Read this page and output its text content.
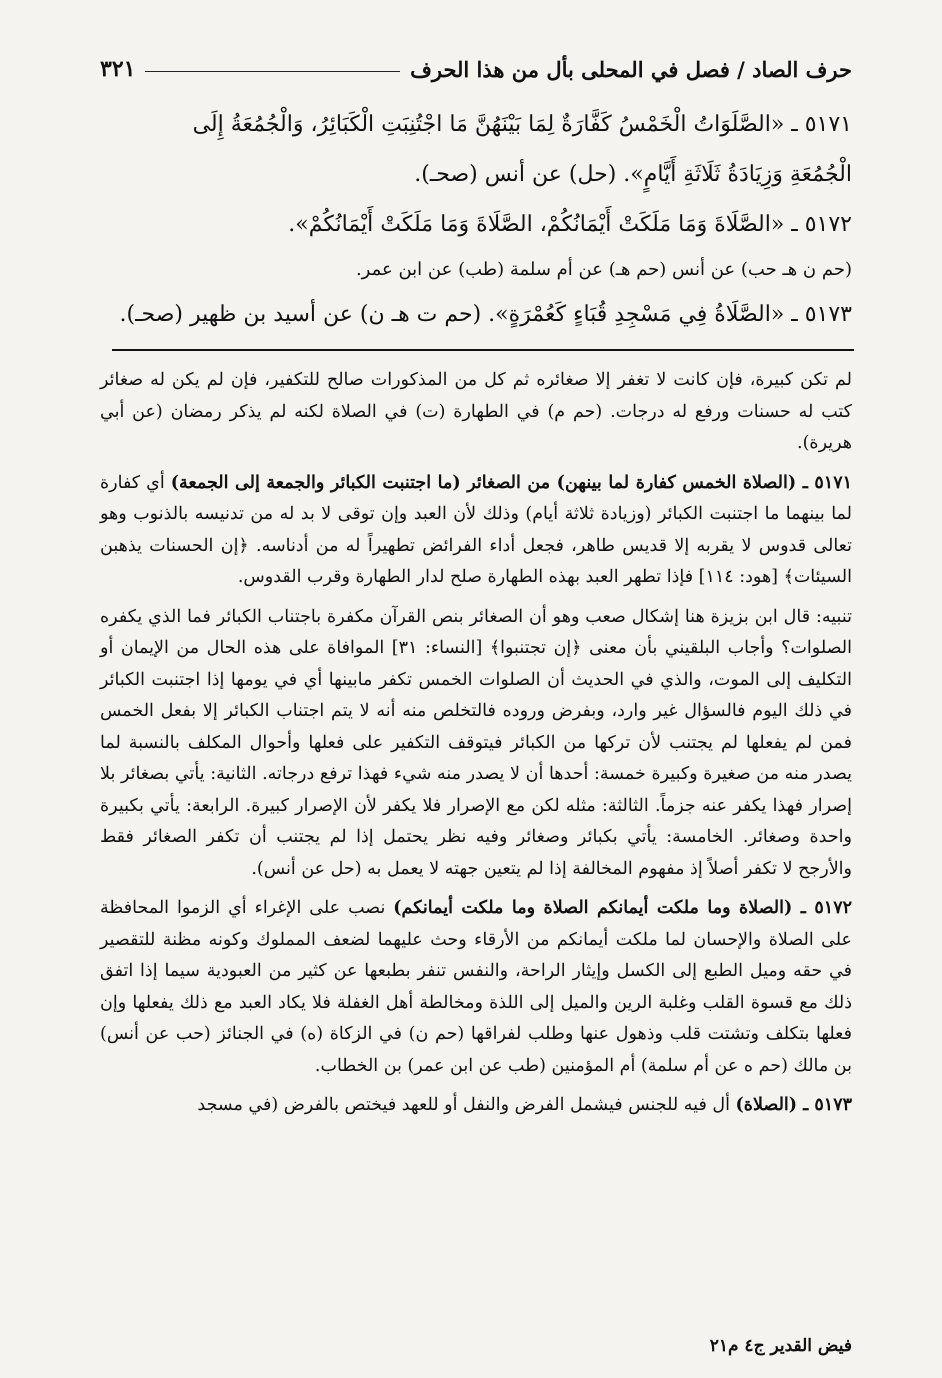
حرف الصاد / فصل في المحلى بأل من هذا الحرف
٣٢١

٥١٧١ ـ «الصَّلَوَاتُ الْخَمْسُ كَفَّارَةٌ لِمَا بَيْنَهُنَّ مَا اجْتُنِبَتِ الْكَبَائِرُ، وَالْجُمُعَةُ إِلَى

الْجُمُعَةِ وَزِيَادَةُ ثَلَاثَةِ أَيَّامٍ». (حل) عن أنس (صحـ).

٥١٧٢ ـ «الصَّلَاةَ وَمَا مَلَكَتْ أَيْمَانُكُمْ، الصَّلَاةَ وَمَا مَلَكَتْ أَيْمَانُكُمْ».

(حم ن هـ حب) عن أنس (حم هـ) عن أم سلمة (طب) عن ابن عمر.

٥١٧٣ ـ «الصَّلَاةُ فِي مَسْجِدِ قُبَاءٍ كَعُمْرَةٍ». (حم ت هـ ن) عن أسيد بن ظهير (صحـ).

لم تكن كبيرة، فإن كانت لا تغفر إلا صغائره ثم كل من المذكورات صالح للتكفير، فإن لم يكن له صغائر كتب له حسنات ورفع له درجات. (حم م) في الطهارة (ت) في الصلاة لكنه لم يذكر رمضان (عن أبي هريرة).

٥١٧١ ـ (الصلاة الخمس كفارة لما بينهن) من الصغائر (ما اجتنبت الكبائر والجمعة إلى الجمعة) أي كفارة لما بينهما ما اجتنبت الكبائر (وزيادة ثلاثة أيام) وذلك لأن العبد وإن توقى لا بد له من تدنيسه بالذنوب وهو تعالى قدوس لا يقربه إلا قديس طاهر، فجعل أداء الفرائض تطهيراً له من أدناسه. ﴿إن الحسنات يذهبن السيئات﴾ [هود: ١١٤] فإذا تطهر العبد بهذه الطهارة صلح لدار الطهارة وقرب القدوس.

تنبيه: قال ابن بزيزة هنا إشكال صعب وهو أن الصغائر بنص القرآن مكفرة باجتناب الكبائر فما الذي يكفره الصلوات؟ وأجاب البلقيني بأن معنى ﴿إن تجتنبوا﴾ [النساء: ٣١] الموافاة على هذه الحال من الإيمان أو التكليف إلى الموت، والذي في الحديث أن الصلوات الخمس تكفر مابينها أي في يومها إذا اجتنبت الكبائر في ذلك اليوم فالسؤال غير وارد، وبفرض وروده فالتخلص منه أنه لا يتم اجتناب الكبائر إلا بفعل الخمس فمن لم يفعلها لم يجتنب لأن تركها من الكبائر فيتوقف التكفير على فعلها وأحوال المكلف بالنسبة لما يصدر منه من صغيرة وكبيرة خمسة: أحدها أن لا يصدر منه شيء فهذا ترفع درجاته. الثانية: يأتي بصغائر بلا إصرار فهذا يكفر عنه جزماً. الثالثة: مثله لكن مع الإصرار فلا يكفر لأن الإصرار كبيرة. الرابعة: يأتي بكبيرة واحدة وصغائر. الخامسة: يأتي بكبائر وصغائر وفيه نظر يحتمل إذا لم يجتنب أن تكفر الصغائر فقط والأرجح لا تكفر أصلاً إذ مفهوم المخالفة إذا لم يتعين جهته لا يعمل به (حل عن أنس).

٥١٧٢ ـ (الصلاة وما ملكت أيمانكم الصلاة وما ملكت أيمانكم) نصب على الإغراء أي الزموا المحافظة على الصلاة والإحسان لما ملكت أيمانكم من الأرقاء وحث عليهما لضعف المملوك وكونه مظنة للتقصير في حقه وميل الطبع إلى الكسل وإيثار الراحة، والنفس تنفر بطبعها عن كثير من العبودية سيما إذا اتفق ذلك مع قسوة القلب وغلبة الرين والميل إلى اللذة ومخالطة أهل الغفلة فلا يكاد العبد مع ذلك يفعلها وإن فعلها بتكلف وتشتت قلب وذهول عنها وطلب لفراقها (حم ن) في الزكاة (ه) في الجنائز (حب عن أنس) بن مالك (حم ه عن أم سلمة) أم المؤمنين (طب عن ابن عمر) بن الخطاب.

٥١٧٣ ـ (الصلاة) أل فيه للجنس فيشمل الفرض والنفل أو للعهد فيختص بالفرض (في مسجد

فيض القدير ج٤ م٢١
